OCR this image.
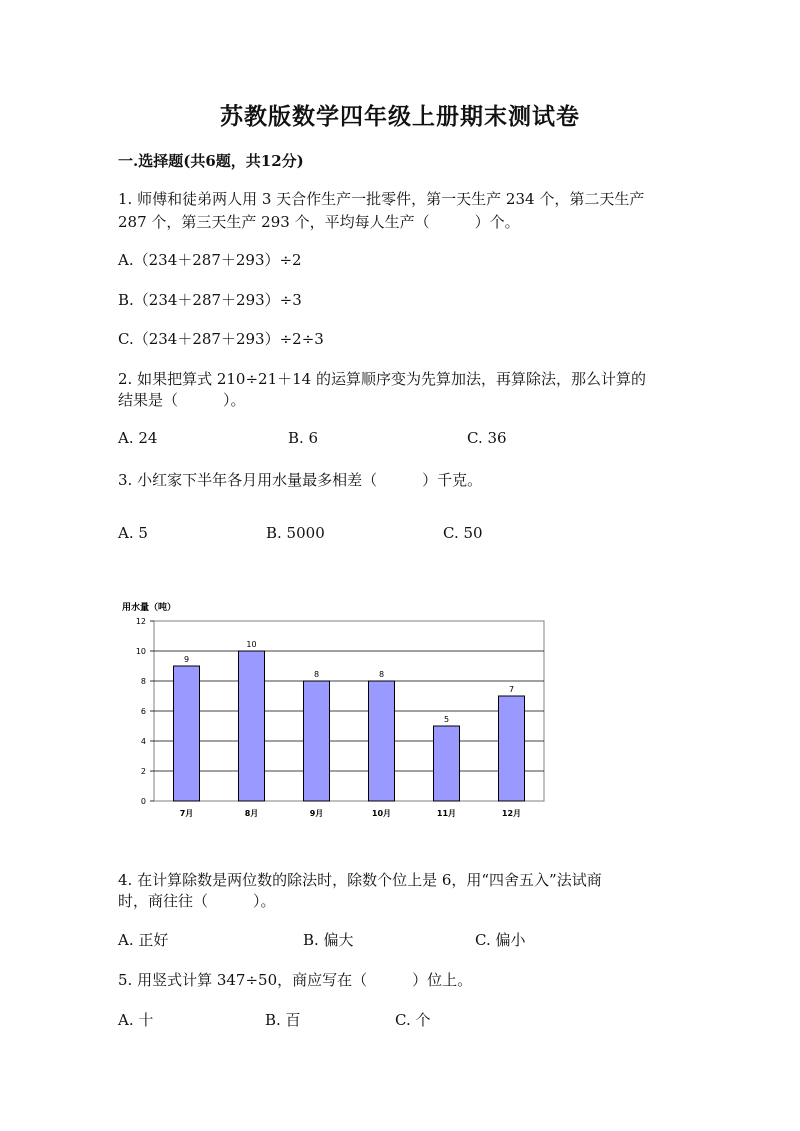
苏教版数学四年级上册期末测试卷
一.选择题(共6题，共12分)
1. 师傅和徒弟两人用 3 天合作生产一批零件，第一天生产 234 个，第二天生产
287 个，第三天生产 293 个，平均每人生产（　　　）个。
A.（234＋287＋293）÷2
B.（234＋287＋293）÷3
C.（234＋287＋293）÷2÷3
2. 如果把算式 210÷21＋14 的运算顺序变为先算加法，再算除法，那么计算的
结果是（　　　）。
A. 24	B. 6	C. 36
3. 小红家下半年各月用水量最多相差（　　　）千克。
A. 5	B. 5000	C. 50
用水量（吨）
0
2
4
6
8
10
12
9
10
8	8
5
7
7月	8月	9月	10月	11月	12月
4. 在计算除数是两位数的除法时，除数个位上是 6，用“四舍五入”法试商
时，商往往（　　　）。
A. 正好	B. 偏大	C. 偏小
5. 用竖式计算 347÷50，商应写在（　　　）位上。
A. 十	B. 百	C. 个
